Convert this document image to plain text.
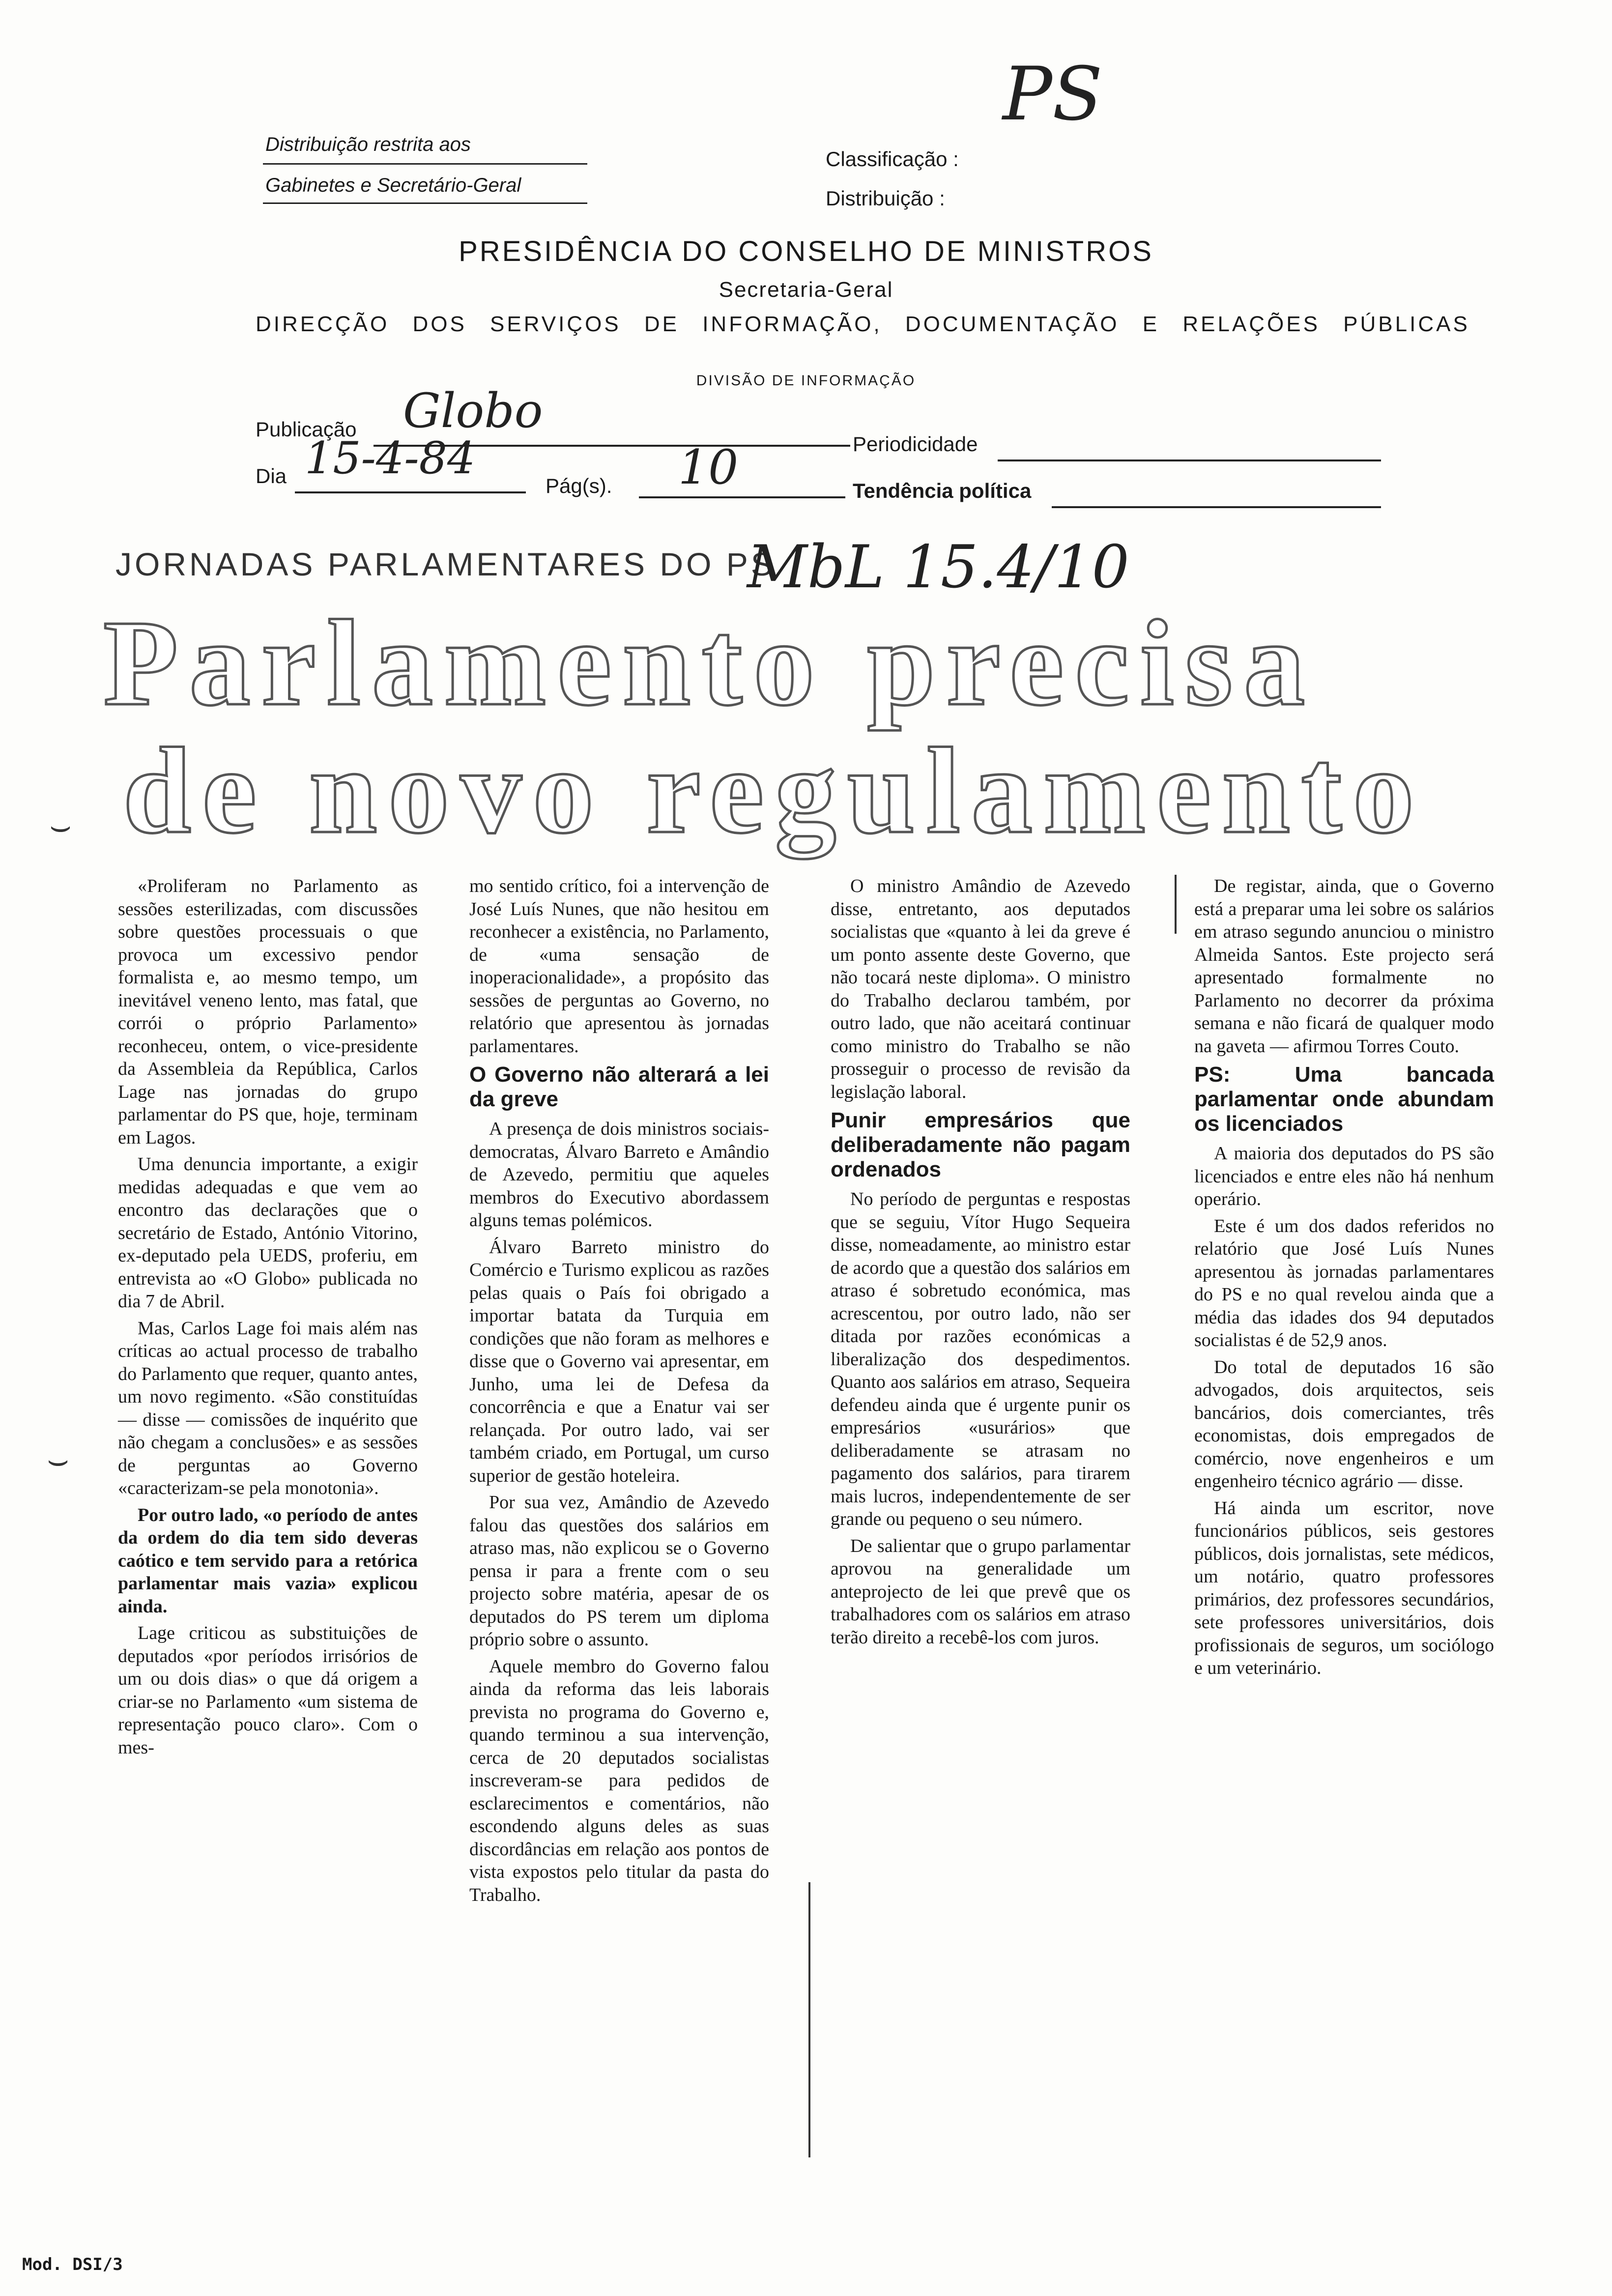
PS
Distribuição restrita aos
Gabinetes e Secretário-Geral
Classificação :
Distribuição :
PRESIDÊNCIA DO CONSELHO DE MINISTROS
Secretaria-Geral
DIRECÇÃO DOS SERVIÇOS DE INFORMAÇÃO, DOCUMENTAÇÃO E RELAÇÕES PÚBLICAS
DIVISÃO DE INFORMAÇÃO
Publicação Globo
Periodicidade
Dia 15-4-84
Pág(s). 10	Tendência política
JORNADAS PARLAMENTARES DO PS
MbL 15.4/10
Parlamento precisa
de novo regulamento
⌣
⌣

«Proliferam no Parlamento as sessões esterilizadas, com discussões sobre questões processuais o que provoca um excessivo pendor formalista e, ao mesmo tempo, um inevitável veneno lento, mas fatal, que corrói o próprio Parlamento» reconheceu, ontem, o vice-presidente da Assembleia da República, Carlos Lage nas jornadas do grupo parlamentar do PS que, hoje, terminam em Lagos.

Uma denuncia importante, a exigir medidas adequadas e que vem ao encontro das declarações que o secretário de Estado, António Vitorino, ex-deputado pela UEDS, proferiu, em entrevista ao «O Globo» publicada no dia 7 de Abril.

Mas, Carlos Lage foi mais além nas críticas ao actual processo de trabalho do Parlamento que requer, quanto antes, um novo regimento. «São constituídas — disse — comissões de inquérito que não chegam a conclusões» e as sessões de perguntas ao Governo «caracterizam-se pela monotonia».

Por outro lado, «o período de antes da ordem do dia tem sido deveras caótico e tem servido para a retórica parlamentar mais vazia» explicou ainda.

Lage criticou as substituições de deputados «por períodos irrisórios de um ou dois dias» o que dá origem a criar-se no Parlamento «um sistema de representação pouco claro». Com o mes-

mo sentido crítico, foi a intervenção de José Luís Nunes, que não hesitou em reconhecer a existência, no Parlamento, de «uma sensação de inoperacionalidade», a propósito das sessões de perguntas ao Governo, no relatório que apresentou às jornadas parlamentares.

O Governo não alterará a lei da greve

A presença de dois ministros sociais-democratas, Álvaro Barreto e Amândio de Azevedo, permitiu que aqueles membros do Executivo abordassem alguns temas polémicos.

Álvaro Barreto ministro do Comércio e Turismo explicou as razões pelas quais o País foi obrigado a importar batata da Turquia em condições que não foram as melhores e disse que o Governo vai apresentar, em Junho, uma lei de Defesa da concorrência e que a Enatur vai ser relançada. Por outro lado, vai ser também criado, em Portugal, um curso superior de gestão hoteleira.

Por sua vez, Amândio de Azevedo falou das questões dos salários em atraso mas, não explicou se o Governo pensa ir para a frente com o seu projecto sobre matéria, apesar de os deputados do PS terem um diploma próprio sobre o assunto.

Aquele membro do Governo falou ainda da reforma das leis laborais prevista no programa do Governo e, quando terminou a sua intervenção, cerca de 20 deputados socialistas inscreveram-se para pedidos de esclarecimentos e comentários, não escondendo alguns deles as suas discordâncias em relação aos pontos de vista expostos pelo titular da pasta do Trabalho.

O ministro Amândio de Azevedo disse, entretanto, aos deputados socialistas que «quanto à lei da greve é um ponto assente deste Governo, que não tocará neste diploma». O ministro do Trabalho declarou também, por outro lado, que não aceitará continuar como ministro do Trabalho se não prosseguir o processo de revisão da legislação laboral.

Punir empresários que deliberadamente não pagam ordenados

No período de perguntas e respostas que se seguiu, Vítor Hugo Sequeira disse, nomeadamente, ao ministro estar de acordo que a questão dos salários em atraso é sobretudo económica, mas acrescentou, por outro lado, não ser ditada por razões económicas a liberalização dos despedimentos. Quanto aos salários em atraso, Sequeira defendeu ainda que é urgente punir os empresários «usurários» que deliberadamente se atrasam no pagamento dos salários, para tirarem mais lucros, independentemente de ser grande ou pequeno o seu número.

De salientar que o grupo parlamentar aprovou na generalidade um anteprojecto de lei que prevê que os trabalhadores com os salários em atraso terão direito a recebê-los com juros.

De registar, ainda, que o Governo está a preparar uma lei sobre os salários em atraso segundo anunciou o ministro Almeida Santos. Este projecto será apresentado formalmente no Parlamento no decorrer da próxima semana e não ficará de qualquer modo na gaveta — afirmou Torres Couto.

PS: Uma bancada parlamentar onde abundam os licenciados

A maioria dos deputados do PS são licenciados e entre eles não há nenhum operário.

Este é um dos dados referidos no relatório que José Luís Nunes apresentou às jornadas parlamentares do PS e no qual revelou ainda que a média das idades dos 94 deputados socialistas é de 52,9 anos.

Do total de deputados 16 são advogados, dois arquitectos, seis bancários, dois comerciantes, três economistas, dois empregados de comércio, nove engenheiros e um engenheiro técnico agrário — disse.

Há ainda um escritor, nove funcionários públicos, seis gestores públicos, dois jornalistas, sete médicos, um notário, quatro professores primários, dez professores secundários, sete professores universitários, dois profissionais de seguros, um sociólogo e um veterinário.

Mod. DSI/3
